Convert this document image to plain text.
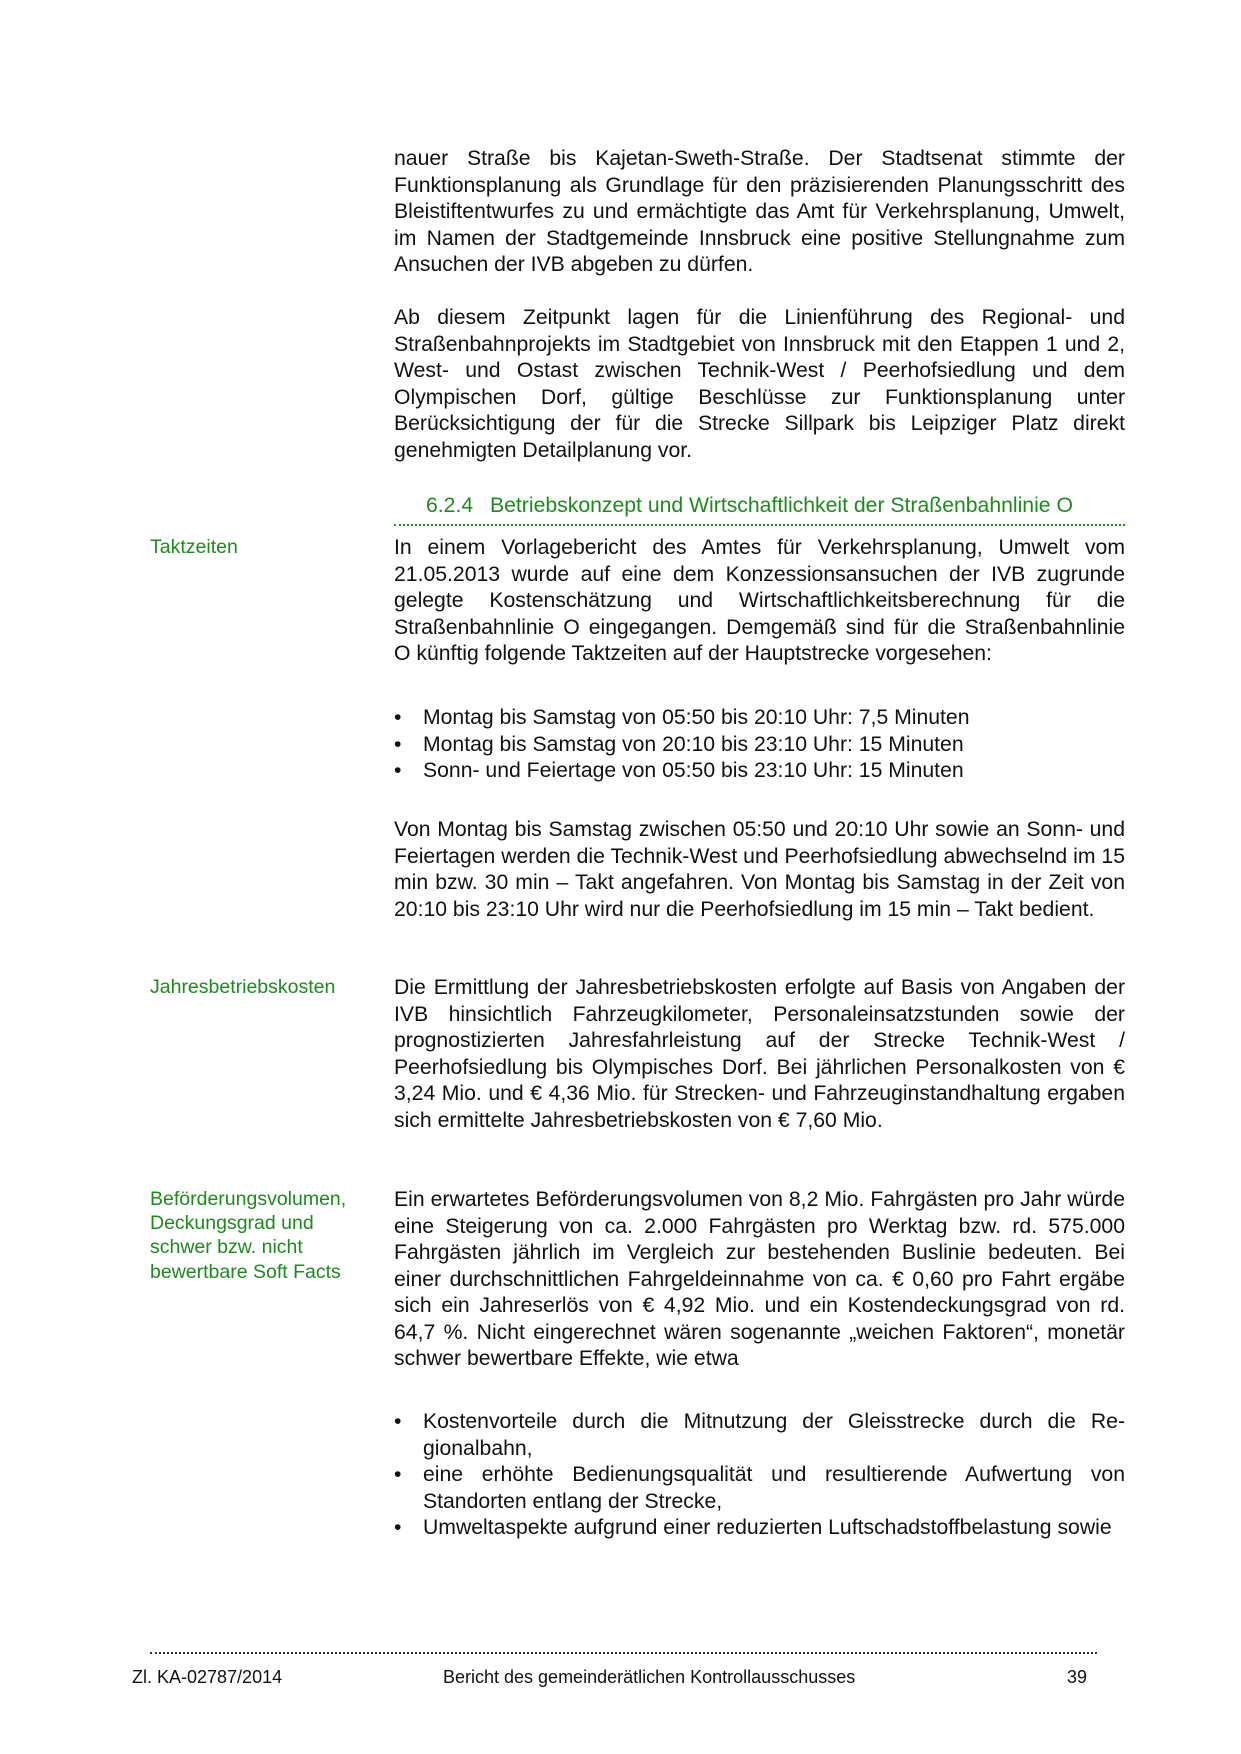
nauer Straße bis Kajetan-Sweth-Straße. Der Stadtsenat stimmte der Funktionsplanung als Grundlage für den präzisierenden Planungsschritt des Bleistiftentwurfes zu und ermächtigte das Amt für Verkehrsplanung, Umwelt, im Namen der Stadtgemeinde Innsbruck eine positive Stellungnahme zum Ansuchen der IVB abgeben zu dürfen.

Ab diesem Zeitpunkt lagen für die Linienführung des Regional- und Straßenbahnprojekts im Stadtgebiet von Innsbruck mit den Etappen 1 und 2, West- und Ostast zwischen Technik-West / Peerhofsiedlung und dem Olympischen Dorf, gültige Beschlüsse zur Funktionsplanung unter Berücksichtigung der für die Strecke Sillpark bis Leipziger Platz direkt genehmigten Detailplanung vor.

6.2.4 Betriebskonzept und Wirtschaftlichkeit der Straßenbahnlinie O

Taktzeiten	In einem Vorlagebericht des Amtes für Verkehrsplanung, Umwelt vom 21.05.2013 wurde auf eine dem Konzessionsansuchen der IVB zugrunde gelegte Kostenschätzung und Wirtschaftlichkeitsberechnung für die Straßenbahnlinie O eingegangen. Demgemäß sind für die Straßenbahnlinie O künftig folgende Taktzeiten auf der Hauptstrecke vorgesehen:

•	Montag bis Samstag von 05:50 bis 20:10 Uhr: 7,5 Minuten
•	Montag bis Samstag von 20:10 bis 23:10 Uhr: 15 Minuten
•	Sonn- und Feiertage von 05:50 bis 23:10 Uhr: 15 Minuten

Von Montag bis Samstag zwischen 05:50 und 20:10 Uhr sowie an Sonn- und Feiertagen werden die Technik-West und Peerhofsiedlung abwechselnd im 15 min bzw. 30 min – Takt angefahren. Von Montag bis Samstag in der Zeit von 20:10 bis 23:10 Uhr wird nur die Peerhofsiedlung im 15 min – Takt bedient.

Jahresbetriebskosten	Die Ermittlung der Jahresbetriebskosten erfolgte auf Basis von Angaben der IVB hinsichtlich Fahrzeugkilometer, Personaleinsatzstunden sowie der prognostizierten Jahresfahrleistung auf der Strecke Technik-West / Peerhofsiedlung bis Olympisches Dorf. Bei jährlichen Personalkosten von € 3,24 Mio. und € 4,36 Mio. für Strecken- und Fahrzeuginstandhaltung ergaben sich ermittelte Jahresbetriebskosten von € 7,60 Mio.

Beförderungsvolumen, Deckungsgrad und schwer bzw. nicht bewertbare Soft Facts

Ein erwartetes Beförderungsvolumen von 8,2 Mio. Fahrgästen pro Jahr würde eine Steigerung von ca. 2.000 Fahrgästen pro Werktag bzw. rd. 575.000 Fahrgästen jährlich im Vergleich zur bestehenden Buslinie bedeuten. Bei einer durchschnittlichen Fahrgeldeinnahme von ca. € 0,60 pro Fahrt ergäbe sich ein Jahreserlös von € 4,92 Mio. und ein Kostendeckungsgrad von rd. 64,7 %. Nicht eingerechnet wären sogenannte „weichen Faktoren“, monetär schwer bewertbare Effekte, wie etwa

•	Kostenvorteile durch die Mitnutzung der Gleisstrecke durch die Regionalbahn,
•	eine erhöhte Bedienungsqualität und resultierende Aufwertung von Standorten entlang der Strecke,
•	Umweltaspekte aufgrund einer reduzierten Luftschadstoffbelastung sowie
Zl. KA-02787/2014	Bericht des gemeinderätlichen Kontrollausschusses	39
